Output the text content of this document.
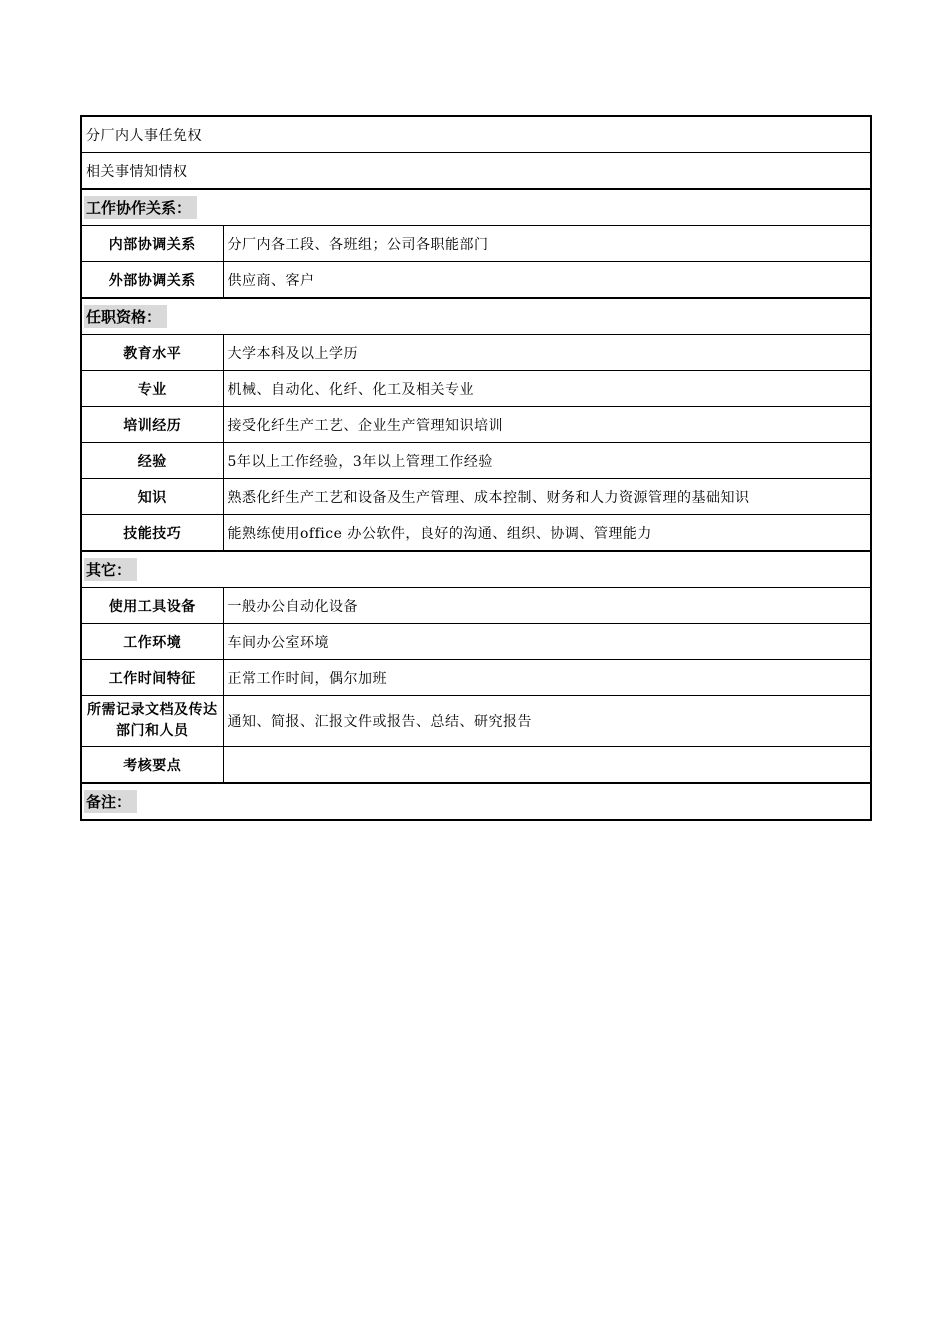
分厂内人事任免权	
相关事情知情权	
工作协作关系：	
内部协调关系	分厂内各工段、各班组；公司各职能部门
外部协调关系	供应商、客户
任职资格：	
教育水平	大学本科及以上学历
专业	机械、自动化、化纤、化工及相关专业
培训经历	接受化纤生产工艺、企业生产管理知识培训
经验	5年以上工作经验，3年以上管理工作经验
知识	熟悉化纤生产工艺和设备及生产管理、成本控制、财务和人力资源管理的基础知识
技能技巧	能熟练使用office 办公软件，良好的沟通、组织、协调、管理能力
其它：	
使用工具设备	一般办公自动化设备
工作环境	车间办公室环境
工作时间特征	正常工作时间，偶尔加班
所需记录文档及传达部门和人员	通知、简报、汇报文件或报告、总结、研究报告
考核要点	
备注：	
